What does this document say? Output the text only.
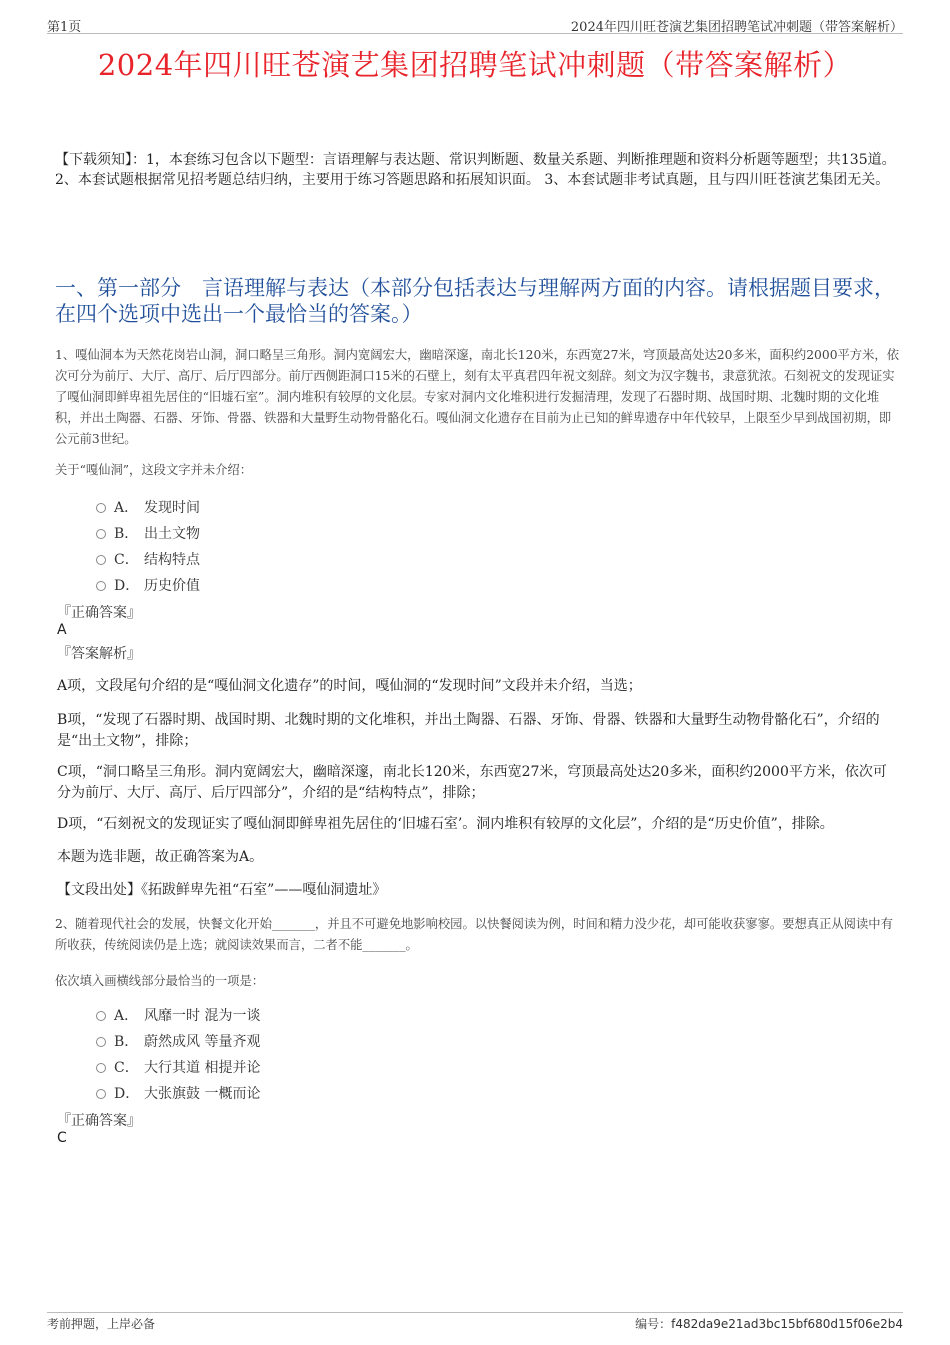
第1页	2024年四川旺苍演艺集团招聘笔试冲刺题（带答案解析）
2024年四川旺苍演艺集团招聘笔试冲刺题（带答案解析）
【下载须知】：1，本套练习包含以下题型：言语理解与表达题、常识判断题、数量关系题、判断推理题和资料分析题等题型；共135道。 2、本套试题根据常见招考题总结归纳，主要用于练习答题思路和拓展知识面。 3、本套试题非考试真题，且与四川旺苍演艺集团无关。
一、第一部分　言语理解与表达（本部分包括表达与理解两方面的内容。请根据题目要求，在四个选项中选出一个最恰当的答案。）
1、嘎仙洞本为天然花岗岩山洞，洞口略呈三角形。洞内宽阔宏大，幽暗深邃，南北长120米，东西宽27米，穹顶最高处达20多米，面积约2000平方米，依次可分为前厅、大厅、高厅、后厅四部分。前厅西侧距洞口15米的石壁上，刻有太平真君四年祝文刻辞。刻文为汉字魏书，隶意犹浓。石刻祝文的发现证实了嘎仙洞即鲜卑祖先居住的“旧墟石室”。洞内堆积有较厚的文化层。专家对洞内文化堆积进行发掘清理，发现了石器时期、战国时期、北魏时期的文化堆积，并出土陶器、石器、牙饰、骨器、铁器和大量野生动物骨骼化石。嘎仙洞文化遗存在目前为止已知的鲜卑遗存中年代较早，上限至少早到战国初期，即公元前3世纪。
关于“嘎仙洞”，这段文字并未介绍：
A． 发现时间
B． 出土文物
C． 结构特点
D． 历史价值
『正确答案』
A
『答案解析』
A项，文段尾句介绍的是“嘎仙洞文化遗存”的时间，嘎仙洞的“发现时间”文段并未介绍，当选；
B项，“发现了石器时期、战国时期、北魏时期的文化堆积，并出土陶器、石器、牙饰、骨器、铁器和大量野生动物骨骼化石”，介绍的是“出土文物”，排除；
C项，“洞口略呈三角形。洞内宽阔宏大，幽暗深邃，南北长120米，东西宽27米，穹顶最高处达20多米，面积约2000平方米，依次可分为前厅、大厅、高厅、后厅四部分”，介绍的是“结构特点”，排除；
D项，“石刻祝文的发现证实了嘎仙洞即鲜卑祖先居住的‘旧墟石室’。洞内堆积有较厚的文化层”，介绍的是“历史价值”，排除。
本题为选非题，故正确答案为A。
【文段出处】《拓跋鲜卑先祖“石室”——嘎仙洞遗址》
2、随着现代社会的发展，快餐文化开始_______，并且不可避免地影响校园。以快餐阅读为例，时间和精力没少花，却可能收获寥寥。要想真正从阅读中有所收获，传统阅读仍是上选；就阅读效果而言，二者不能_______。
依次填入画横线部分最恰当的一项是：
A． 风靡一时 混为一谈
B． 蔚然成风 等量齐观
C． 大行其道 相提并论
D． 大张旗鼓 一概而论
『正确答案』
C
考前押题，上岸必备	编号：f482da9e21ad3bc15bf680d15f06e2b4
